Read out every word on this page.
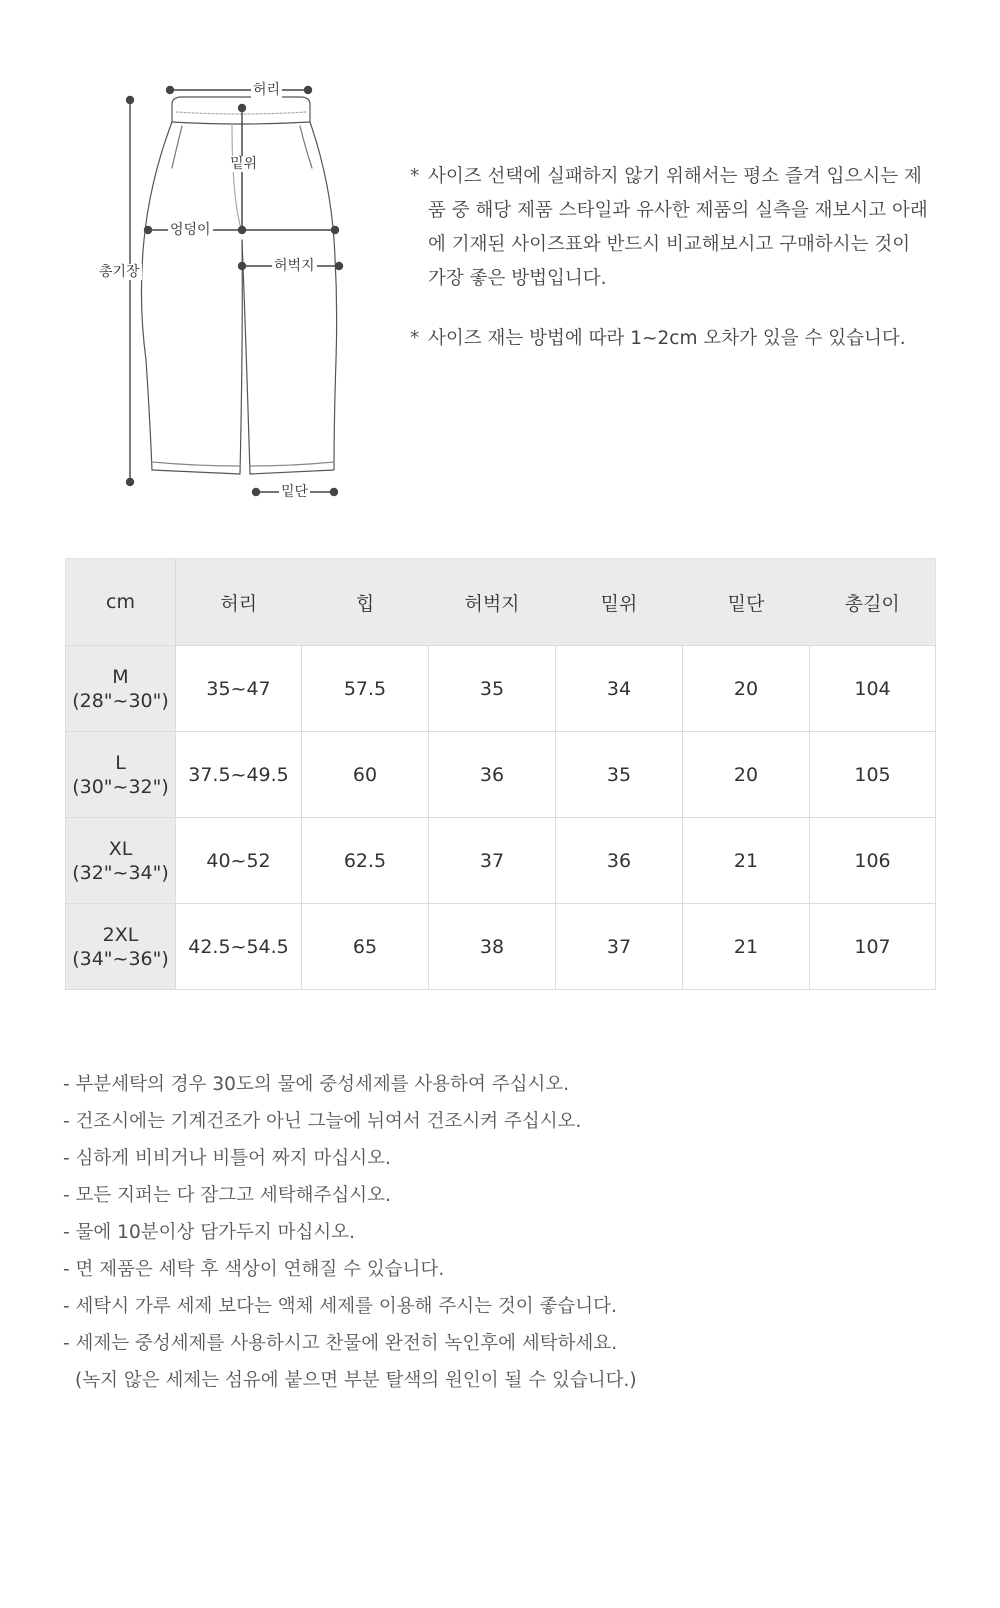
허리
밑위
엉덩이
허벅지
총기장
밑단
* 사이즈 선택에 실패하지 않기 위해서는 평소 즐겨 입으시는 제품 중 해당 제품 스타일과 유사한 제품의 실측을 재보시고 아래에 기재된 사이즈표와 반드시 비교해보시고 구매하시는 것이 가장 좋은 방법입니다.
* 사이즈 재는 방법에 따라 1~2cm 오차가 있을 수 있습니다.
cm	허리	힙	허벅지	밑위	밑단	총길이

M
(28"~30")	35~47	57.5	35	34	20	104

L
(30"~32")	37.5~49.5	60	36	35	20	105

XL
(32"~34")	40~52	62.5	37	36	21	106

2XL
(34"~36")	42.5~54.5	65	38	37	21	107
- 부분세탁의 경우 30도의 물에 중성세제를 사용하여 주십시오.
- 건조시에는 기계건조가 아닌 그늘에 뉘여서 건조시켜 주십시오.
- 심하게 비비거나 비틀어 짜지 마십시오.
- 모든 지퍼는 다 잠그고 세탁해주십시오.
- 물에 10분이상 담가두지 마십시오.
- 면 제품은 세탁 후 색상이 연해질 수 있습니다.
- 세탁시 가루 세제 보다는 액체 세제를 이용해 주시는 것이 좋습니다.
- 세제는 중성세제를 사용하시고 찬물에 완전히 녹인후에 세탁하세요.
(녹지 않은 세제는 섬유에 붙으면 부분 탈색의 원인이 될 수 있습니다.)
